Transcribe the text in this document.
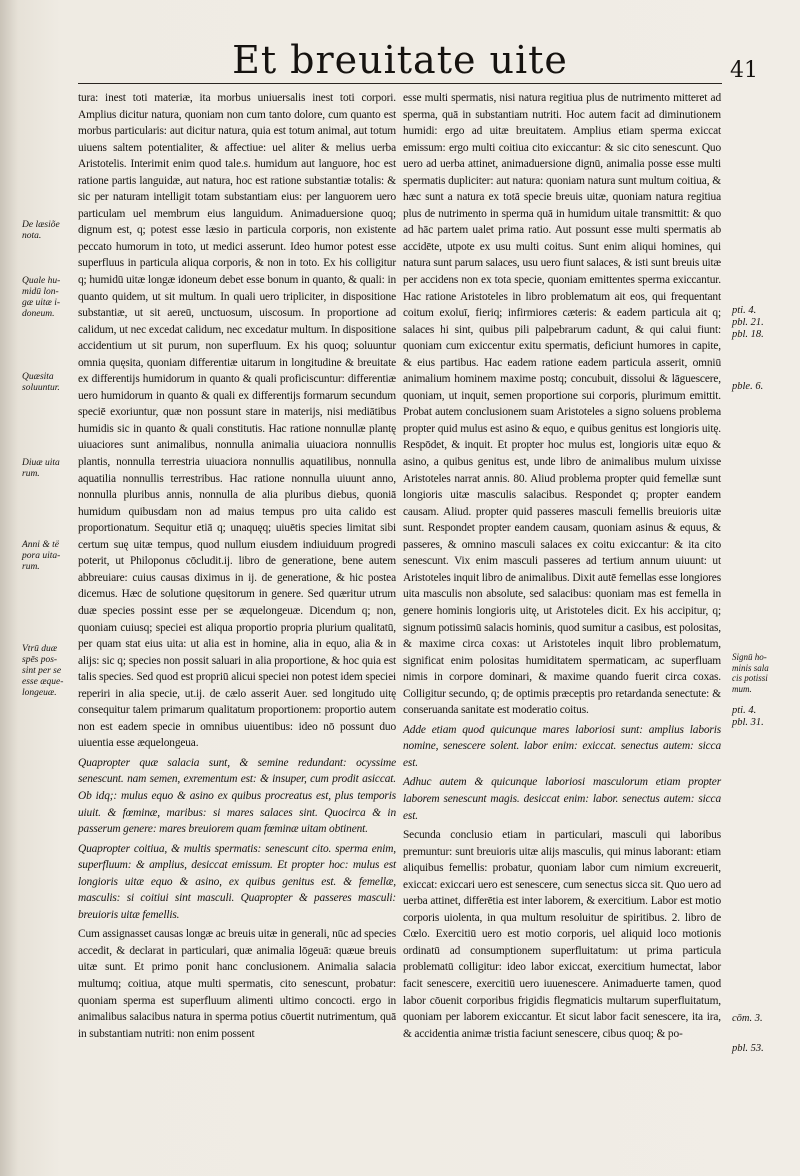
Et breuitate uite	41

tura: inest toti materiæ, ita morbus uniuersalis inest toti corpori. Amplius dicitur natura, quoniam non cum tanto dolore, cum quanto est morbus particularis: aut dicitur natura, quia est totum animal, aut totum uiuens saltem potentialiter, & affectiue: uel aliter & melius uerba Aristotelis. Interimit enim quod tale.s. humidum aut languore, hoc est ratione partis languidæ, aut natura, hoc est ratione substantiæ totalis: & sic per naturam intelligit totam substantiam eius: per languorem uero particulam uel membrum eius languidum. Animaduersione quoq; dignum est, q; potest esse læsio in particula corporis, non existente peccato humorum in toto, ut medici asserunt. Ideo humor potest esse superfluus in particula aliqua corporis, & non in toto. Ex his colligitur q; humidū uitæ longæ idoneum debet esse bonum in quanto, & quali: in quanto quidem, ut sit multum. In quali uero tripliciter, in dispositione substantiæ, ut sit aereū, unctuosum, uiscosum. In proportione ad calidum, ut nec excedat calidum, nec excedatur multum. In dispositione accidentium ut sit purum, non superfluum. Ex his quoq; soluuntur omnia quęsita, quoniam differentiæ uitarum in longitudine & breuitate ex differentijs humidorum in quanto & quali proficiscuntur: differentiæ uero humidorum in quanto & quali ex differentijs formarum secundum speciē exoriuntur, quæ non possunt stare in materijs, nisi mediātibus humidis sic in quanto & quali constitutis. Hac ratione nonnullæ plantę uiuaciores sunt animalibus, nonnulla animalia uiuaciora nonnullis plantis, nonnulla terrestria uiuaciora nonnullis aquatilibus, nonnulla aquatilia nonnullis terrestribus. Hac ratione nonnulla uiuunt anno, nonnulla pluribus annis, nonnulla de alia pluribus diebus, quoniā humidum quibusdam non ad maius tempus pro uita calido est proportionatum. Sequitur etiā q; unaquęq; uiuētis species limitat sibi certum suę uitæ tempus, quod nullum eiusdem indiuiduum progredi poterit, ut Philoponus cōcludit.ij. libro de generatione, bene autem abbreuiare: cuius causas diximus in ij. de generatione, & hic postea dicemus. Hæc de solutione quęsitorum in genere. Sed quæritur utrum duæ species possint esse per se æquelongeuæ. Dicendum q; non, quoniam cuiusq; speciei est aliqua proportio propria plurium qualitatū, per quam stat eius uita: ut alia est in homine, alia in equo, alia & in alijs: sic q; species non possit saluari in alia proportione, & hoc quia est talis species. Sed quod est propriū alicui speciei non potest idem speciei reperiri in alia specie, ut.ij. de cælo asserit Auer. sed longitudo uitę consequitur talem primarum qualitatum proportionem: proportio autem non est eadem specie in omnibus uiuentibus: ideo nō possunt duo uiuentia esse æquelongeua.

Quapropter quæ salacia sunt, & semine redundant: ocyssime senescunt. nam semen, exrementum est: & insuper, cum prodit asiccat. Ob idq;: mulus equo & asino ex quibus procreatus est, plus temporis uiuit. & fœminæ, maribus: si mares salaces sint. Quocirca & in passerum genere: mares breuiorem quam fœminæ uitam obtinent.

Quapropter coitiua, & multis spermatis: senescunt cito. sperma enim, superfluum: & amplius, desiccat emissum. Et propter hoc: mulus est longioris uitæ equo & asino, ex quibus genitus est. & femellæ, masculis: si coitiui sint masculi. Quapropter & passeres masculi: breuioris uitæ femellis.

Cum assignasset causas longæ ac breuis uitæ in generali, nūc ad species accedit, & declarat in particulari, quæ animalia lōgeuā: quæue breuis uitæ sunt. Et primo ponit hanc conclusionem. Animalia salacia multumq; coitiua, atque multi spermatis, cito senescunt, probatur: quoniam sperma est superfluum alimenti ultimo concocti. ergo in animalibus salacibus natura in sperma potius cōuertit nutrimentum, quā in substantiam nutriti: non enim possent

esse multi spermatis, nisi natura regitiua plus de nutrimento mitteret ad sperma, quā in substantiam nutriti. Hoc autem facit ad diminutionem humidi: ergo ad uitæ breuitatem. Amplius etiam sperma exiccat emissum: ergo multi coitiua cito exiccantur: & sic cito senescunt. Quo uero ad uerba attinet, animaduersione dignū, animalia posse esse multi spermatis dupliciter: aut natura: quoniam natura sunt multum coitiua, & hæc sunt a natura ex totā specie breuis uitæ, quoniam natura regitiua plus de nutrimento in sperma quā in humidum uitale transmittit: & quo ad hāc partem ualet prima ratio. Aut possunt esse multi spermatis ab accidēte, utpote ex usu multi coitus. Sunt enim aliqui homines, qui natura sunt parum salaces, usu uero fiunt salaces, & isti sunt breuis uitæ per accidens non ex tota specie, quoniam emittentes sperma exiccantur. Hac ratione Aristoteles in libro problematum ait eos, qui frequentant coitum exoluī, fieriq; infirmiores cæteris: & eadem particula ait q; salaces hi sint, quibus pili palpebrarum cadunt, & qui calui fiunt: quoniam cum exiccentur exitu spermatis, deficiunt humores in capite, & eius partibus. Hac eadem ratione eadem particula asserit, omniū animalium hominem maxime postq; concubuit, dissolui & lāguescere, quoniam, ut inquit, semen proportione sui corporis, plurimum emittit. Probat autem conclusionem suam Aristoteles a signo soluens problema propter quid mulus est asino & equo, e quibus genitus est longioris uitę. Respōdet, & inquit. Et propter hoc mulus est, longioris uitæ equo & asino, a quibus genitus est, unde libro de animalibus mulum uixisse Aristoteles narrat annis. 80. Aliud problema propter quid femellæ sunt longioris uitæ masculis salacibus. Respondet q; propter eandem causam. Aliud. propter quid passeres masculi femellis breuioris uitæ sunt. Respondet propter eandem causam, quoniam asinus & equus, & passeres, & omnino masculi salaces ex coitu exiccantur: & ita cito senescunt. Vix enim masculi passeres ad tertium annum uiuunt: ut Aristoteles inquit libro de animalibus. Dixit autē femellas esse longiores uita masculis non absolute, sed salacibus: quoniam mas est femella in genere hominis longioris uitę, ut Aristoteles dicit. Ex his accipitur, q; signum potissimū salacis hominis, quod sumitur a casibus, est polositas, & maxime circa coxas: ut Aristoteles inquit libro problematum, significat enim polositas humiditatem spermaticam, ac superfluam nimis in corpore dominari, & maxime quando fuerit circa coxas. Colligitur secundo, q; de optimis præceptis pro retardanda senectute: & conseruanda sanitate est moderatio coitus.

Adde etiam quod quicunque mares laboriosi sunt: amplius laboris nomine, senescere solent. labor enim: exiccat. senectus autem: sicca est.

Adhuc autem & quicunque laboriosi masculorum etiam propter laborem senescunt magis. desiccat enim: labor. senectus autem: sicca est.

Secunda conclusio etiam in particulari, masculi qui laboribus premuntur: sunt breuioris uitæ alijs masculis, qui minus laborant: etiam aliquibus femellis: probatur, quoniam labor cum nimium excreuerit, exiccat: exiccari uero est senescere, cum senectus sicca sit. Quo uero ad uerba attinet, differētia est inter laborem, & exercitium. Labor est motio corporis uiolenta, in qua multum resoluitur de spiritibus. 2. libro de Cœlo. Exercitiū uero est motio corporis, uel aliquid loco motionis ordinatū ad consumptionem superfluitatum: ut prima particula problematū colligitur: ideo labor exiccat, exercitium humectat, labor facit senescere, exercitiū uero iuuenescere. Animaduerte tamen, quod labor cōuenit corporibus frigidis flegmaticis multarum superfluitatum, quoniam per laborem exiccantur. Et sicut labor facit senescere, ita ira, & accidentia animæ tristia faciunt senescere, cibus quoq; & po-

De læsiõe
nota.
Quale hu-
midū lon-
gæ uitæ i-
doneum.
Quæsita
soluuntur.
Diuæ uita
rum.
Anni & të
pora uita-
rum.
Vtrū duæ
spēs pos-
sint per se
esse æque-
longeuæ.
pti. 4.
pbl. 21.
pbl. 18.
pble. 6.
Signū ho-
minis sala
cis potissi
mum.
pti. 4.
pbl. 31.
cōm. 3.
pbl. 53.
